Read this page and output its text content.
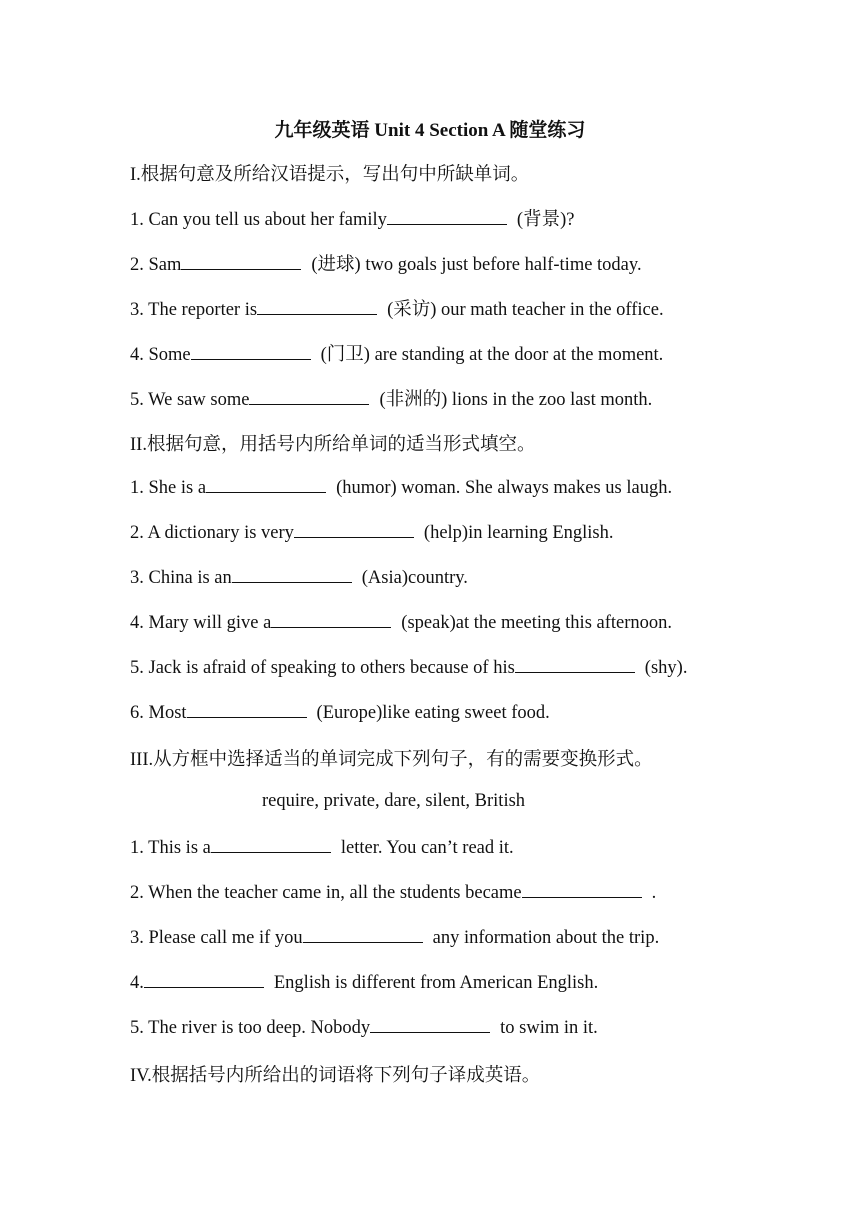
九年级英语 Unit 4 Section A 随堂练习
I.根据句意及所给汉语提示，写出句中所缺单词。
1. Can you tell us about her family	(背景)?
2. Sam	(进球) two goals just before half-time today.
3. The reporter is	(采访) our math teacher in the office.
4. Some	(门卫) are standing at the door at the moment.
5. We saw some	(非洲的) lions in the zoo last month.
II.根据句意，用括号内所给单词的适当形式填空。
1. She is a	(humor) woman. She always makes us laugh.
2. A dictionary is very	(help)in learning English.
3. China is an	(Asia)country.
4. Mary will give a	(speak)at the meeting this afternoon.
5. Jack is afraid of speaking to others because of his	(shy).
6. Most	(Europe)like eating sweet food.
III.从方框中选择适当的单词完成下列句子，有的需要变换形式。
require, private, dare, silent, British
1. This is a	letter. You can’t read it.
2. When the teacher came in, all the students became	.
3. Please call me if you	any information about the trip.
4.	English is different from American English.
5. The river is too deep. Nobody	to swim in it.
IV.根据括号内所给出的词语将下列句子译成英语。
